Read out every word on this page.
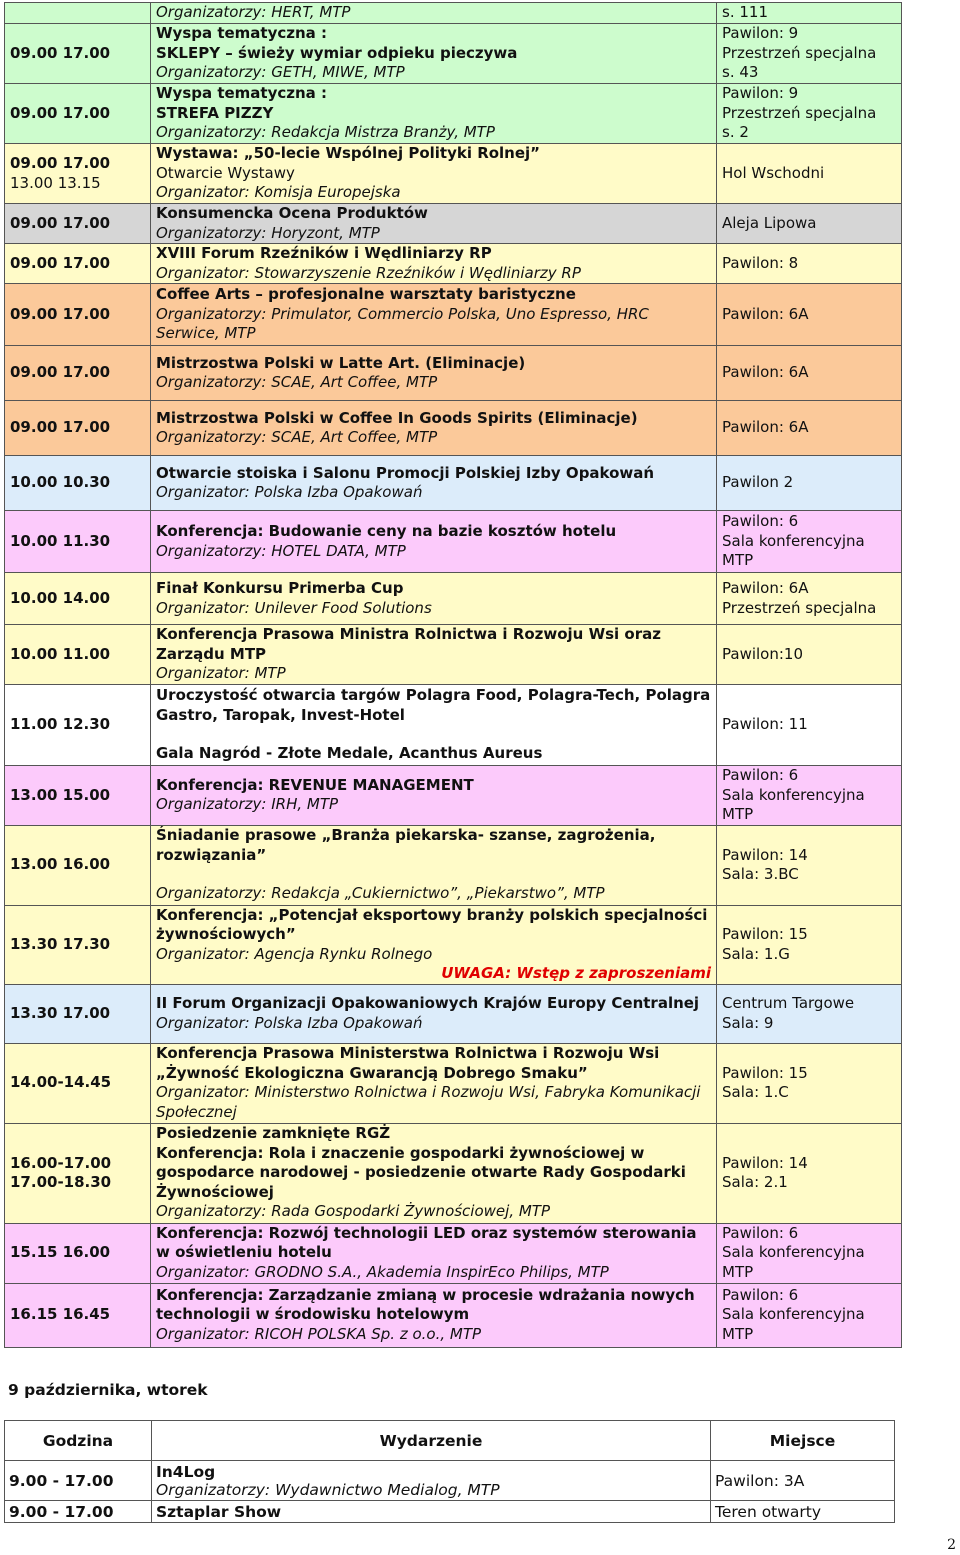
	Organizatorzy: HERT, MTP	s. 111

09.00 17.00	Wyspa tematyczna :
SKLEPY – świeży wymiar odpieku pieczywa
Organizatorzy: GETH, MIWE, MTP	Pawilon: 9
Przestrzeń specjalna
s. 43

09.00 17.00	Wyspa tematyczna :
STREFA PIZZY
Organizatorzy: Redakcja Mistrza Branży, MTP	Pawilon: 9
Przestrzeń specjalna
s. 2

09.00 17.00
13.00 13.15	Wystawa: „50-lecie Wspólnej Polityki Rolnej”
Otwarcie Wystawy
Organizator: Komisja Europejska	Hol Wschodni

09.00 17.00	Konsumencka Ocena Produktów
Organizatorzy: Horyzont, MTP	Aleja Lipowa

09.00 17.00	XVIII Forum Rzeźników i Wędliniarzy RP
Organizator: Stowarzyszenie Rzeźników i Wędliniarzy RP	Pawilon: 8

09.00 17.00	Coffee Arts – profesjonalne warsztaty baristyczne
Organizatorzy: Primulator, Commercio Polska, Uno Espresso, HRC Serwice, MTP	Pawilon: 6A

09.00 17.00	Mistrzostwa Polski w Latte Art. (Eliminacje)
Organizatorzy: SCAE, Art Coffee, MTP	Pawilon: 6A

09.00 17.00	Mistrzostwa Polski w Coffee In Goods Spirits (Eliminacje)
Organizatorzy: SCAE, Art Coffee, MTP	Pawilon: 6A

10.00 10.30	Otwarcie stoiska i Salonu Promocji Polskiej Izby Opakowań
Organizator: Polska Izba Opakowań	Pawilon 2

10.00 11.30	Konferencja: Budowanie ceny na bazie kosztów hotelu
Organizatorzy: HOTEL DATA, MTP	Pawilon: 6
Sala konferencyjna
MTP

10.00 14.00	Finał Konkursu Primerba Cup
Organizator: Unilever Food Solutions	Pawilon: 6A
Przestrzeń specjalna

10.00 11.00	Konferencja Prasowa Ministra Rolnictwa i Rozwoju Wsi oraz Zarządu MTP
Organizator: MTP	Pawilon:10

11.00 12.30	Uroczystość otwarcia targów Polagra Food, Polagra-Tech, Polagra Gastro, Taropak, Invest-Hotel
Gala Nagród - Złote Medale, Acanthus Aureus	Pawilon: 11

13.00 15.00	Konferencja: REVENUE MANAGEMENT
Organizatorzy: IRH, MTP	Pawilon: 6
Sala konferencyjna
MTP

13.00 16.00	Śniadanie prasowe „Branża piekarska- szanse, zagrożenia, rozwiązania”
Organizatorzy: Redakcja „Cukiernictwo”, „Piekarstwo”, MTP	Pawilon: 14
Sala: 3.BC

13.30 17.30	Konferencja: „Potencjał eksportowy branży polskich specjalności żywnościowych”
Organizator: Agencja Rynku Rolnego
UWAGA: Wstęp z zaproszeniami	Pawilon: 15
Sala: 1.G

13.30 17.00	II Forum Organizacji Opakowaniowych Krajów Europy Centralnej
Organizator: Polska Izba Opakowań	Centrum Targowe
Sala: 9

14.00-14.45	Konferencja Prasowa Ministerstwa Rolnictwa i Rozwoju Wsi „Żywność Ekologiczna Gwarancją Dobrego Smaku”
Organizator: Ministerstwo Rolnictwa i Rozwoju Wsi, Fabryka Komunikacji Społecznej	Pawilon: 15
Sala: 1.C

16.00-17.00
17.00-18.30	Posiedzenie zamknięte RGŻ
Konferencja: Rola i znaczenie gospodarki żywnościowej w gospodarce narodowej - posiedzenie otwarte Rady Gospodarki Żywnościowej
Organizatorzy: Rada Gospodarki Żywnościowej, MTP	Pawilon: 14
Sala: 2.1

15.15 16.00	Konferencja: Rozwój technologii LED oraz systemów sterowania w oświetleniu hotelu
Organizator: GRODNO S.A., Akademia InspirEco Philips, MTP	Pawilon: 6
Sala konferencyjna
MTP

16.15 16.45	Konferencja: Zarządzanie zmianą w procesie wdrażania nowych technologii w środowisku hotelowym
Organizator: RICOH POLSKA Sp. z o.o., MTP	Pawilon: 6
Sala konferencyjna
MTP
9 października, wtorek
Godzina	Wydarzenie	Miejsce
9.00 - 17.00	In4Log
Organizatorzy: Wydawnictwo Medialog, MTP	Pawilon: 3A
9.00 - 17.00	Sztaplar Show	Teren otwarty
2
